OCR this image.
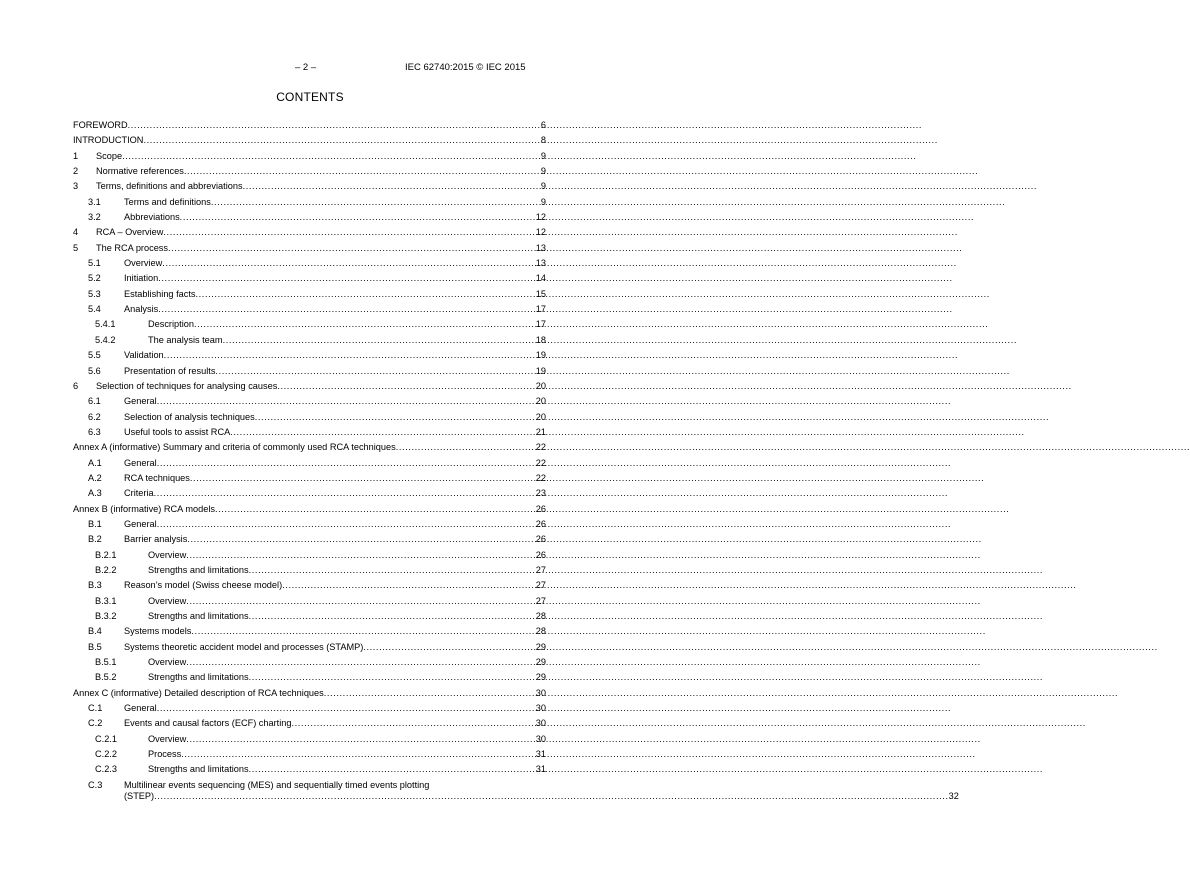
– 2 –	IEC 62740:2015 © IEC 2015
CONTENTS
FOREWORD .....	6
INTRODUCTION .....	8
1	Scope .....	9
2	Normative references .....	9
3	Terms, definitions and abbreviations .....	9
3.1	Terms and definitions .....	9
3.2	Abbreviations .....	12
4	RCA – Overview .....	12
5	The RCA process .....	13
5.1	Overview .....	13
5.2	Initiation .....	14
5.3	Establishing facts .....	15
5.4	Analysis .....	17
5.4.1	Description .....	17
5.4.2	The analysis team .....	18
5.5	Validation .....	19
5.6	Presentation of results .....	19
6	Selection of techniques for analysing causes .....	20
6.1	General .....	20
6.2	Selection of analysis techniques .....	20
6.3	Useful tools to assist RCA .....	21
Annex A (informative) Summary and criteria of commonly used RCA techniques .....	22
A.1	General .....	22
A.2	RCA techniques .....	22
A.3	Criteria .....	23
Annex B (informative) RCA models .....	26
B.1	General .....	26
B.2	Barrier analysis .....	26
B.2.1	Overview .....	26
B.2.2	Strengths and limitations .....	27
B.3	Reason’s model (Swiss cheese model) .....	27
B.3.1	Overview .....	27
B.3.2	Strengths and limitations .....	28
B.4	Systems models .....	28
B.5	Systems theoretic accident model and processes (STAMP) .....	29
B.5.1	Overview .....	29
B.5.2	Strengths and limitations .....	29
Annex C (informative) Detailed description of RCA techniques .....	30
C.1	General .....	30
C.2	Events and causal factors (ECF) charting .....	30
C.2.1	Overview .....	30
C.2.2	Process .....	31
C.2.3	Strengths and limitations .....	31
C.3	Multilinear events sequencing (MES) and sequentially timed events plotting
(STEP) .....	32
